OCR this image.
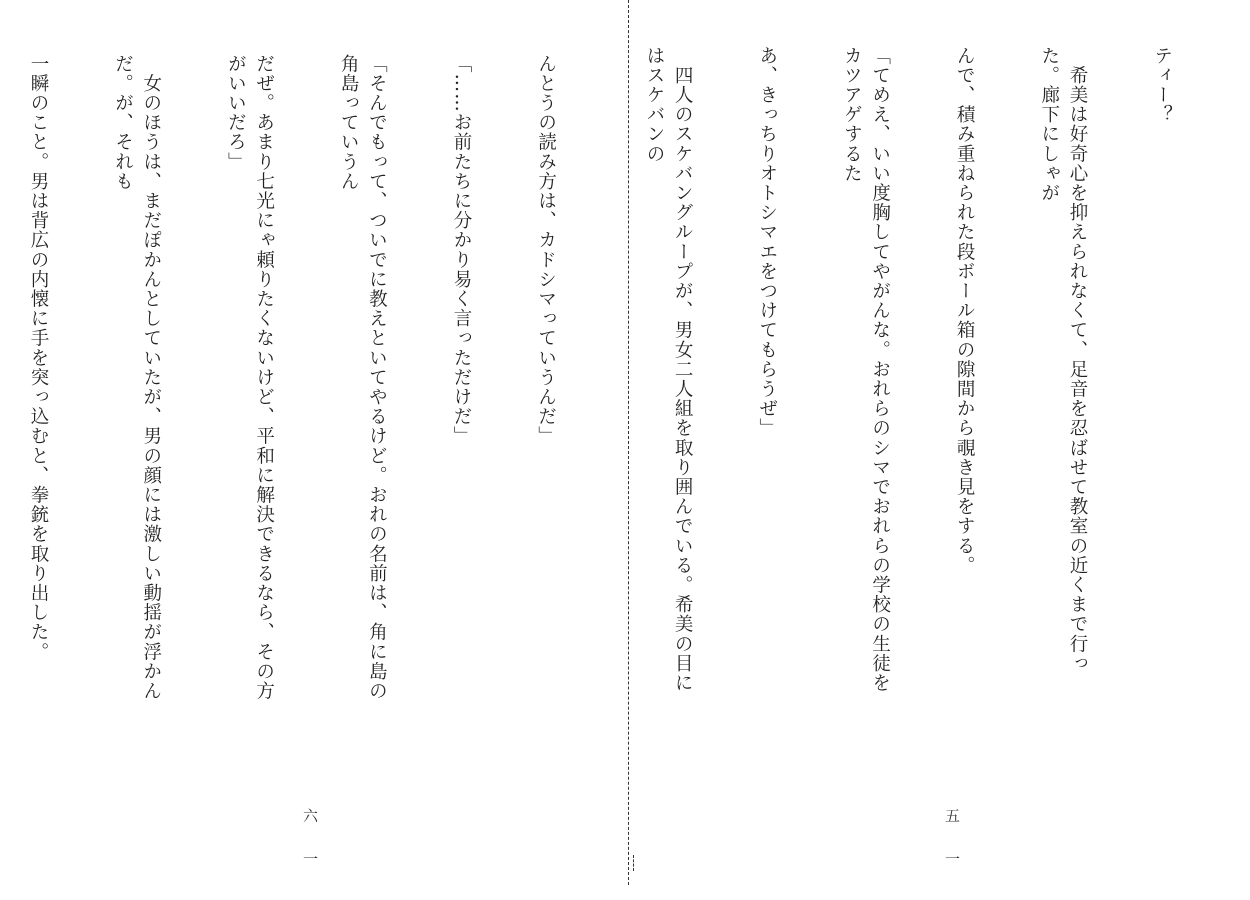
ティー？

　希美は好奇心を抑えられなくて、足音を忍ばせて教室の近くまで行った。廊下にしゃが

んで、積み重ねられた段ボール箱の隙間から覗き見をする。

「てめえ、いい度胸してやがんな。おれらのシマでおれらの学校の生徒をカツアゲするた

あ、きっちりオトシマエをつけてもらうぜ」

　四人のスケバングループが、男女二人組を取り囲んでいる。希美の目にはスケバンの

五一

んとうの読み方は、カドシマっていうんだ」

「……お前たちに分かり易く言っただけだ」

「そんでもって、ついでに教えといてやるけど。おれの名前は、角に島の角島っていうん

だぜ。あまり七光にゃ頼りたくないけど、平和に解決できるなら、その方がいいだろ」

　女のほうは、まだぽかんとしていたが、男の顔には激しい動揺が浮かんだ。が、それも

一瞬のこと。男は背広の内懐に手を突っ込むと、拳銃を取り出した。

六一
